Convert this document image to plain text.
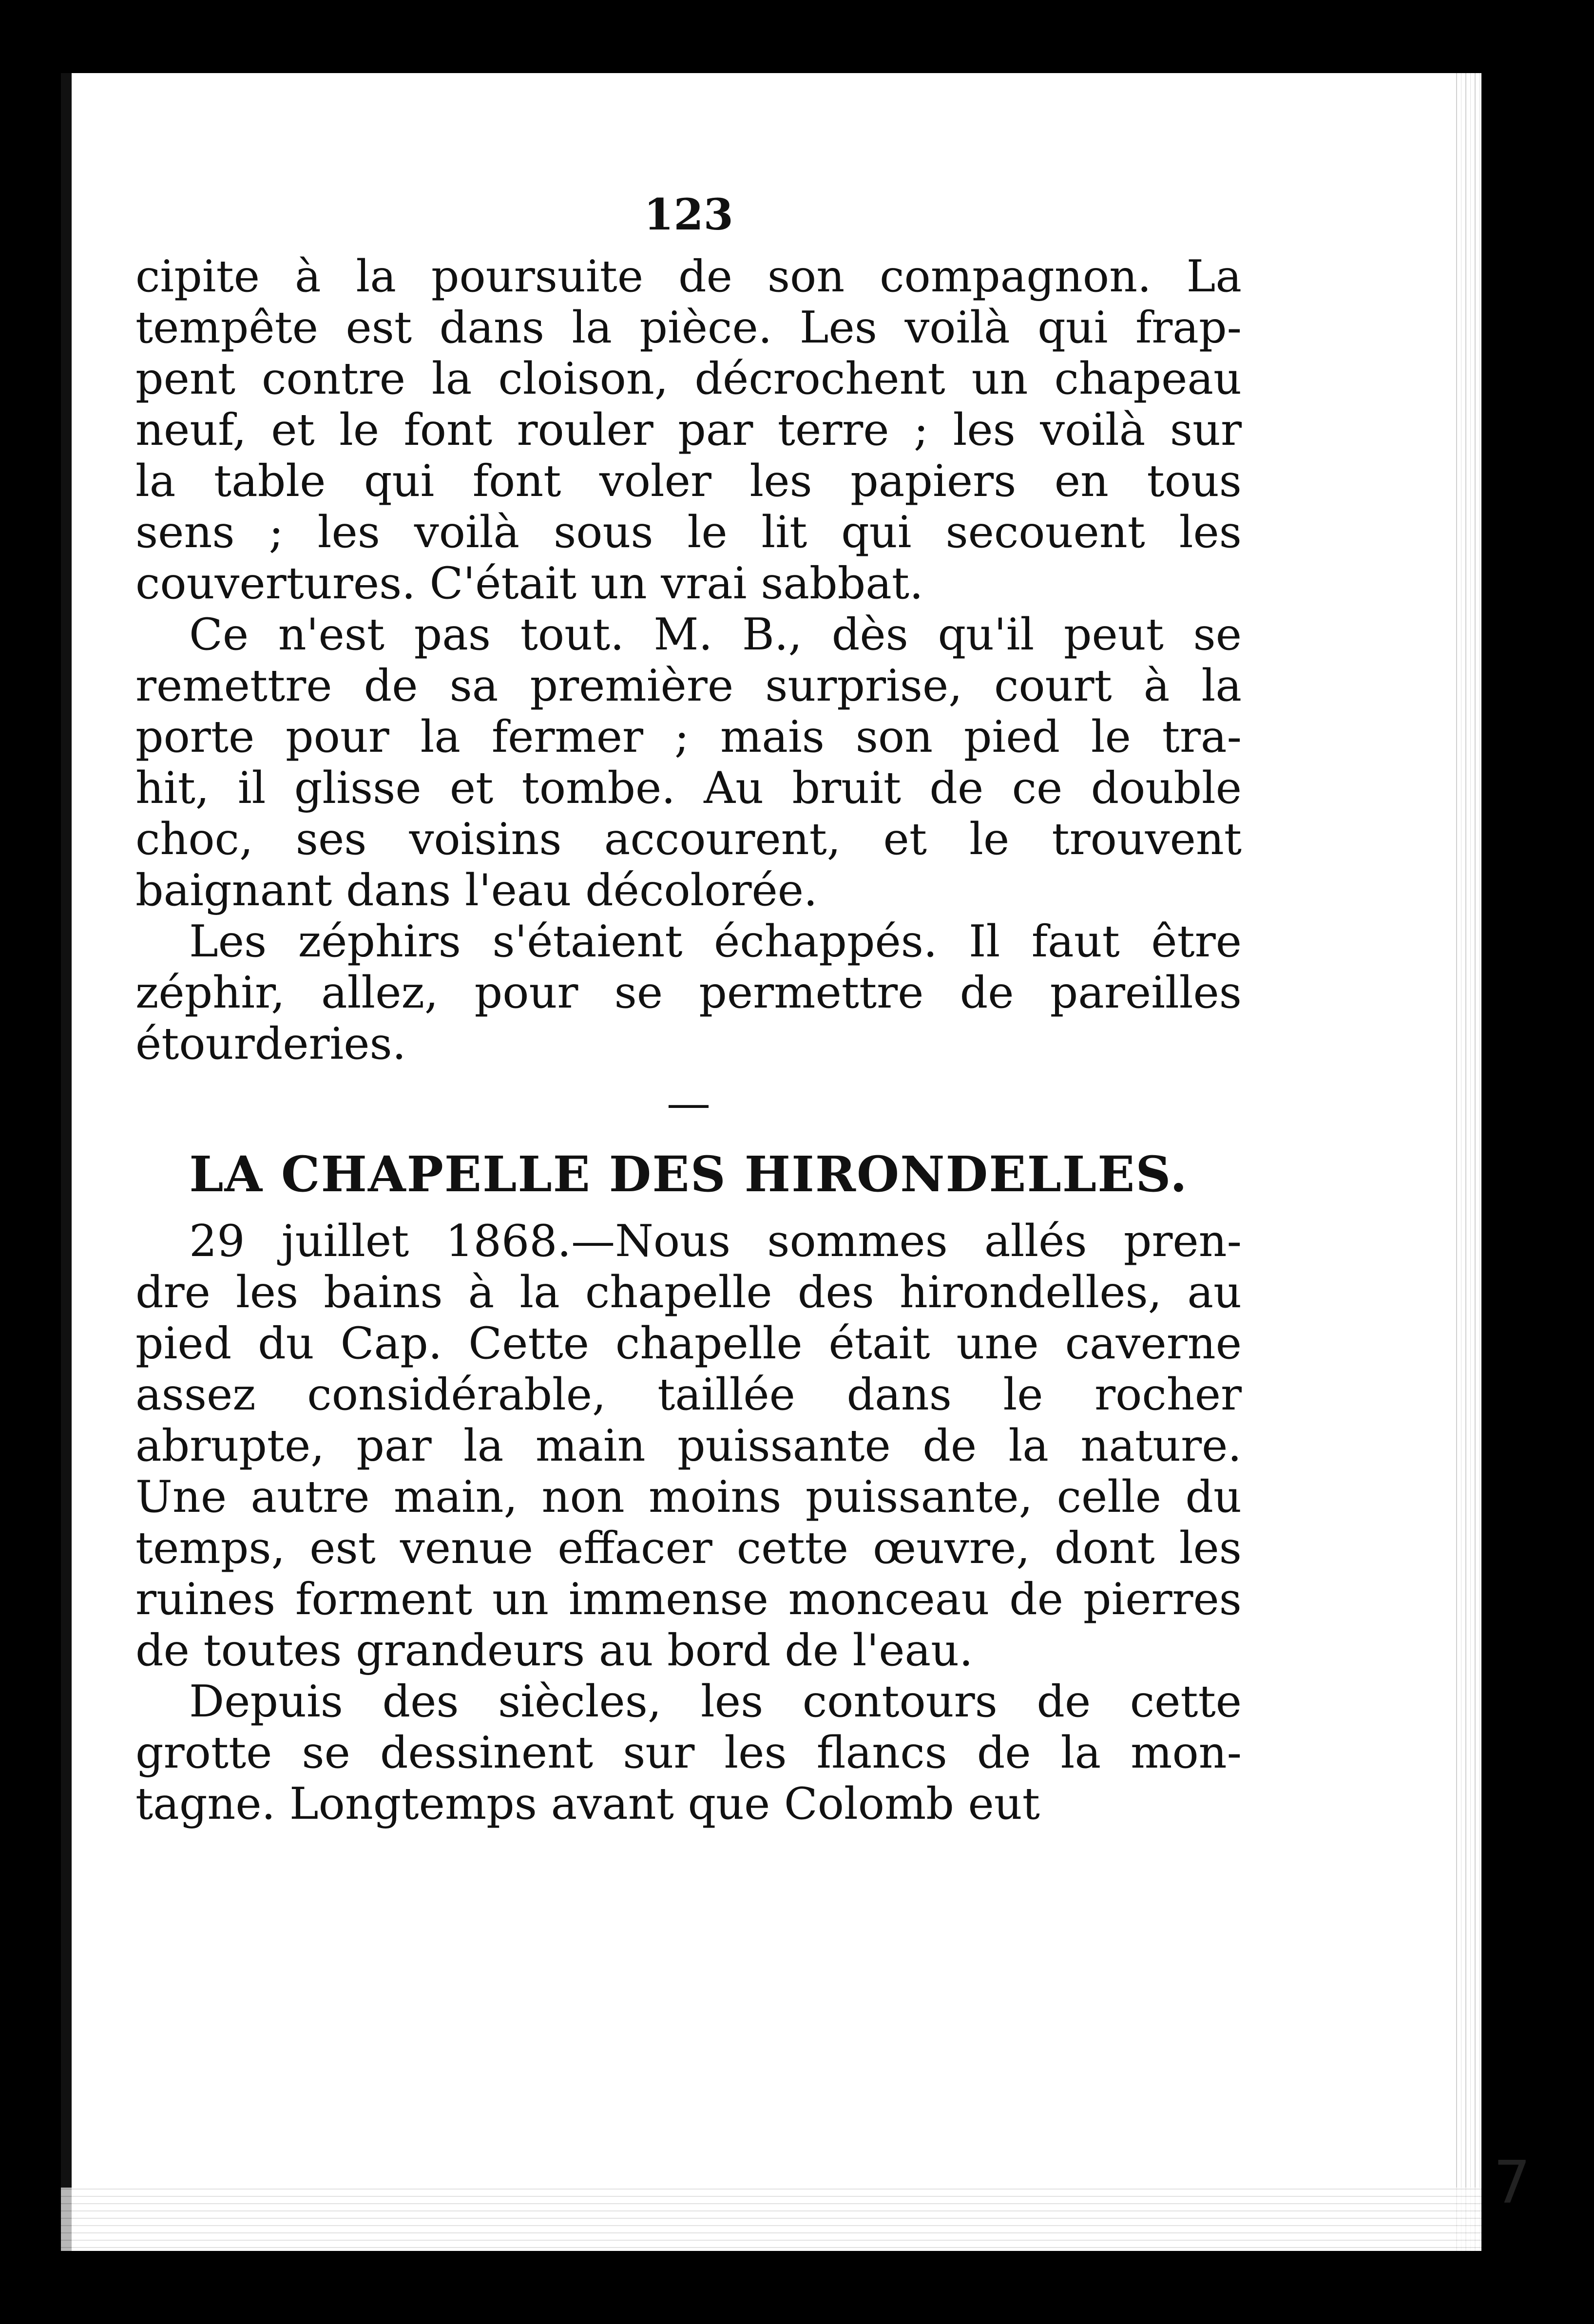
123
cipite à la poursuite de son compagnon. La
tempête est dans la pièce. Les voilà qui frap-
pent contre la cloison, décrochent un chapeau
neuf, et le font rouler par terre ; les voilà sur
la table qui font voler les papiers en tous
sens ; les voilà sous le lit qui secouent les
couvertures. C'était un vrai sabbat.
Ce n'est pas tout. M. B., dès qu'il peut se
remettre de sa première surprise, court à la
porte pour la fermer ; mais son pied le tra-
hit, il glisse et tombe. Au bruit de ce double
choc, ses voisins accourent, et le trouvent
baignant dans l'eau décolorée.
Les zéphirs s'étaient échappés. Il faut être
zéphir, allez, pour se permettre de pareilles
étourderies.
—
LA CHAPELLE DES HIRONDELLES.
29 juillet 1868.—Nous sommes allés pren-
dre les bains à la chapelle des hirondelles, au
pied du Cap. Cette chapelle était une caverne
assez considérable, taillée dans le rocher
abrupte, par la main puissante de la nature.
Une autre main, non moins puissante, celle du
temps, est venue effacer cette œuvre, dont les
ruines forment un immense monceau de pierres
de toutes grandeurs au bord de l'eau.
Depuis des siècles, les contours de cette
grotte se dessinent sur les flancs de la mon-
tagne. Longtemps avant que Colomb eut
7
